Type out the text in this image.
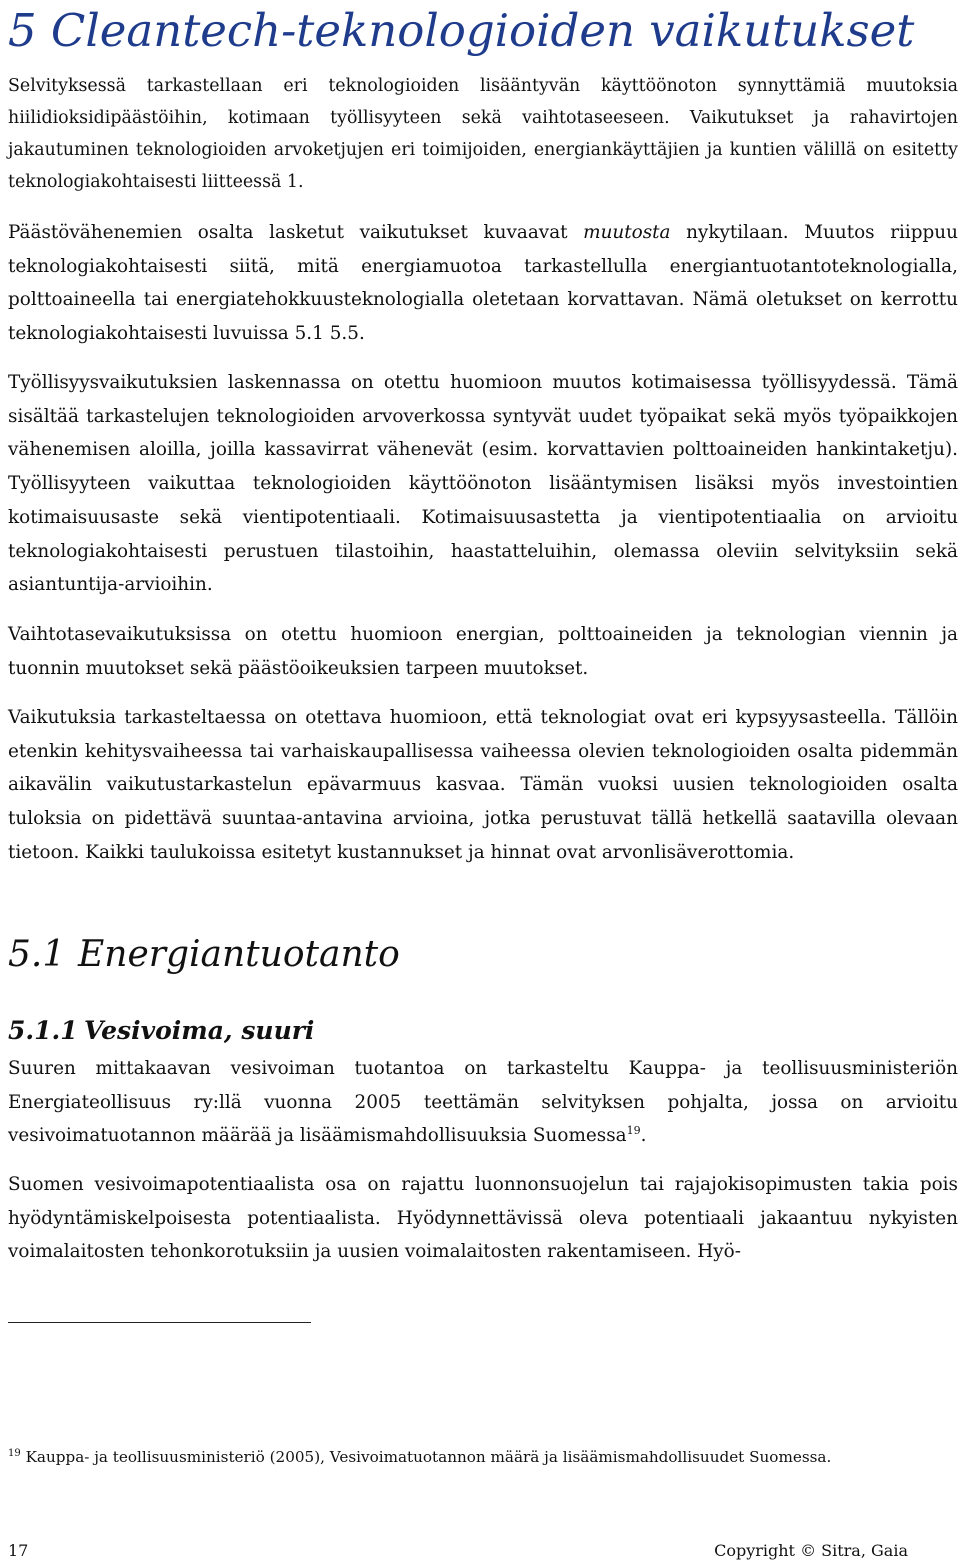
5 Cleantech-teknologioiden vaikutukset

Selvityksessä tarkastellaan eri teknologioiden lisääntyvän käyttöönoton synnyttämiä muutoksia hiilidioksidipäästöihin, kotimaan työllisyyteen sekä vaihtotaseeseen. Vaikutukset ja rahavirtojen jakautuminen teknologioiden arvoketjujen eri toimijoiden, energiankäyttäjien ja kuntien välillä on esitetty teknologiakohtaisesti liitteessä 1.

Päästövähenemien osalta lasketut vaikutukset kuvaavat muutosta nykytilaan. Muutos riippuu teknologiakohtaisesti siitä, mitä energiamuotoa tarkastellulla energiantuotantoteknologialla, polttoaineella tai energiatehokkuusteknologialla oletetaan korvattavan. Nämä oletukset on kerrottu teknologiakohtaisesti luvuissa 5.1 5.5.

Työllisyysvaikutuksien laskennassa on otettu huomioon muutos kotimaisessa työllisyydessä. Tämä sisältää tarkastelujen teknologioiden arvoverkossa syntyvät uudet työpaikat sekä myös työpaikkojen vähenemisen aloilla, joilla kassavirrat vähenevät (esim. korvattavien polttoaineiden hankintaketju). Työllisyyteen vaikuttaa teknologioiden käyttöönoton lisääntymisen lisäksi myös investointien kotimaisuusaste sekä vientipotentiaali. Kotimaisuusastetta ja vientipotentiaalia on arvioitu teknologiakohtaisesti perustuen tilastoihin, haastatteluihin, olemassa oleviin selvityksiin sekä asiantuntija-arvioihin.

Vaihtotasevaikutuksissa on otettu huomioon energian, polttoaineiden ja teknologian viennin ja tuonnin muutokset sekä päästöoikeuksien tarpeen muutokset.

Vaikutuksia tarkasteltaessa on otettava huomioon, että teknologiat ovat eri kypsyysasteella. Tällöin etenkin kehitysvaiheessa tai varhaiskaupallisessa vaiheessa olevien teknologioiden osalta pidemmän aikavälin vaikutustarkastelun epävarmuus kasvaa. Tämän vuoksi uusien teknologioiden osalta tuloksia on pidettävä suuntaa-antavina arvioina, jotka perustuvat tällä hetkellä saatavilla olevaan tietoon. Kaikki taulukoissa esitetyt kustannukset ja hinnat ovat arvonlisäverottomia.

5.1 Energiantuotanto
5.1.1 Vesivoima, suuri

Suuren mittakaavan vesivoiman tuotantoa on tarkasteltu Kauppa- ja teollisuusministeriön Energiateollisuus ry:llä vuonna 2005 teettämän selvityksen pohjalta, jossa on arvioitu vesivoimatuotannon määrää ja lisäämismahdollisuuksia Suomessa$^{19}$.

Suomen vesivoimapotentiaalista osa on rajattu luonnonsuojelun tai rajajokisopimusten takia pois hyödyntämiskelpoisesta potentiaalista. Hyödynnettävissä oleva potentiaali jakaantuu nykyisten voimalaitosten tehonkorotuksiin ja uusien voimalaitosten rakentamiseen. Hyö-

$^{19}$ Kauppa- ja teollisuusministeriö (2005), Vesivoimatuotannon määrä ja lisäämismahdollisuudet Suomessa.
17	Copyright © Sitra, Gaia
